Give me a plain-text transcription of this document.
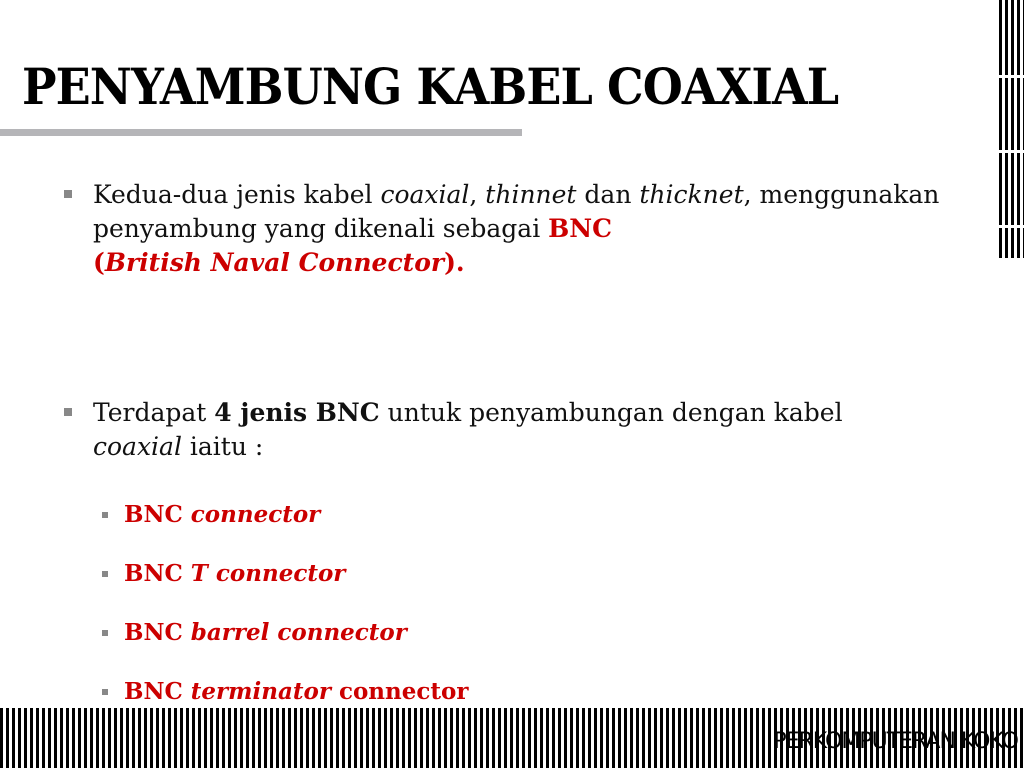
PENYAMBUNG KABEL COAXIAL
Kedua-dua jenis kabel coaxial, thinnet dan thicknet, menggunakan penyambung yang dikenali sebagai BNC
(British Naval Connector).
Terdapat 4 jenis BNC untuk penyambungan dengan kabel
coaxial iaitu :
BNC connector
BNC T connector
BNC barrel connector
BNC terminator connector
PERKOMPUTERAN KOKO
